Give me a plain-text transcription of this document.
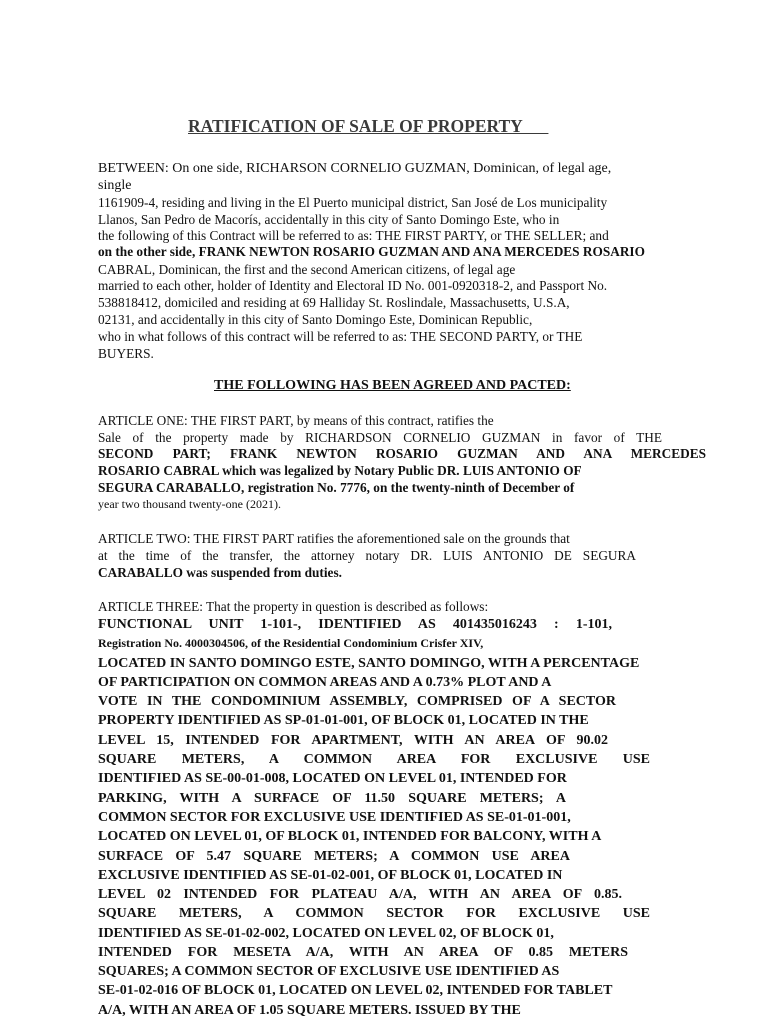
RATIFICATION OF SALE OF PROPERTY
BETWEEN: On one side, RICHARSON CORNELIO GUZMAN, Dominican, of legal age,
single
1161909-4, residing and living in the El Puerto municipal district, San José de Los municipality
Llanos, San Pedro de Macorís, accidentally in this city of Santo Domingo Este, who in
the following of this Contract will be referred to as: THE FIRST PARTY, or THE SELLER; and
on the other side, FRANK NEWTON ROSARIO GUZMAN AND ANA MERCEDES ROSARIO
CABRAL, Dominican, the first and the second American citizens, of legal age
married to each other, holder of Identity and Electoral ID No. 001-0920318-2, and Passport No.
538818412, domiciled and residing at 69 Halliday St. Roslindale, Massachusetts, U.S.A,
02131, and accidentally in this city of Santo Domingo Este, Dominican Republic,
who in what follows of this contract will be referred to as: THE SECOND PARTY, or THE
BUYERS.
THE FOLLOWING HAS BEEN AGREED AND PACTED:
ARTICLE ONE: THE FIRST PART, by means of this contract, ratifies the
Sale of the property made by RICHARDSON CORNELIO GUZMAN in favor of THE
SECOND PART; FRANK NEWTON ROSARIO GUZMAN AND ANA MERCEDES
ROSARIO CABRAL which was legalized by Notary Public DR. LUIS ANTONIO OF
SEGURA CARABALLO, registration No. 7776, on the twenty-ninth of December of
year two thousand twenty-one (2021).
ARTICLE TWO: THE FIRST PART ratifies the aforementioned sale on the grounds that
at the time of the transfer, the attorney notary DR. LUIS ANTONIO DE SEGURA
CARABALLO was suspended from duties.
ARTICLE THREE: That the property in question is described as follows:
FUNCTIONAL UNIT 1-101-, IDENTIFIED AS 401435016243 : 1-101,
Registration No. 4000304506, of the Residential Condominium Crisfer XIV,
LOCATED IN SANTO DOMINGO ESTE, SANTO DOMINGO, WITH A PERCENTAGE
OF PARTICIPATION ON COMMON AREAS AND A 0.73% PLOT AND A
VOTE IN THE CONDOMINIUM ASSEMBLY, COMPRISED OF A SECTOR
PROPERTY IDENTIFIED AS SP-01-01-001, OF BLOCK 01, LOCATED IN THE
LEVEL 15, INTENDED FOR APARTMENT, WITH AN AREA OF 90.02
SQUARE METERS, A COMMON AREA FOR EXCLUSIVE USE
IDENTIFIED AS SE-00-01-008, LOCATED ON LEVEL 01, INTENDED FOR
PARKING, WITH A SURFACE OF 11.50 SQUARE METERS; A
COMMON SECTOR FOR EXCLUSIVE USE IDENTIFIED AS SE-01-01-001,
LOCATED ON LEVEL 01, OF BLOCK 01, INTENDED FOR BALCONY, WITH A
SURFACE OF 5.47 SQUARE METERS; A COMMON USE AREA
EXCLUSIVE IDENTIFIED AS SE-01-02-001, OF BLOCK 01, LOCATED IN
LEVEL 02 INTENDED FOR PLATEAU A/A, WITH AN AREA OF 0.85.
SQUARE METERS, A COMMON SECTOR FOR EXCLUSIVE USE
IDENTIFIED AS SE-01-02-002, LOCATED ON LEVEL 02, OF BLOCK 01,
INTENDED FOR MESETA A/A, WITH AN AREA OF 0.85 METERS
SQUARES; A COMMON SECTOR OF EXCLUSIVE USE IDENTIFIED AS
SE-01-02-016 OF BLOCK 01, LOCATED ON LEVEL 02, INTENDED FOR TABLET
A/A, WITH AN AREA OF 1.05 SQUARE METERS. ISSUED BY THE
